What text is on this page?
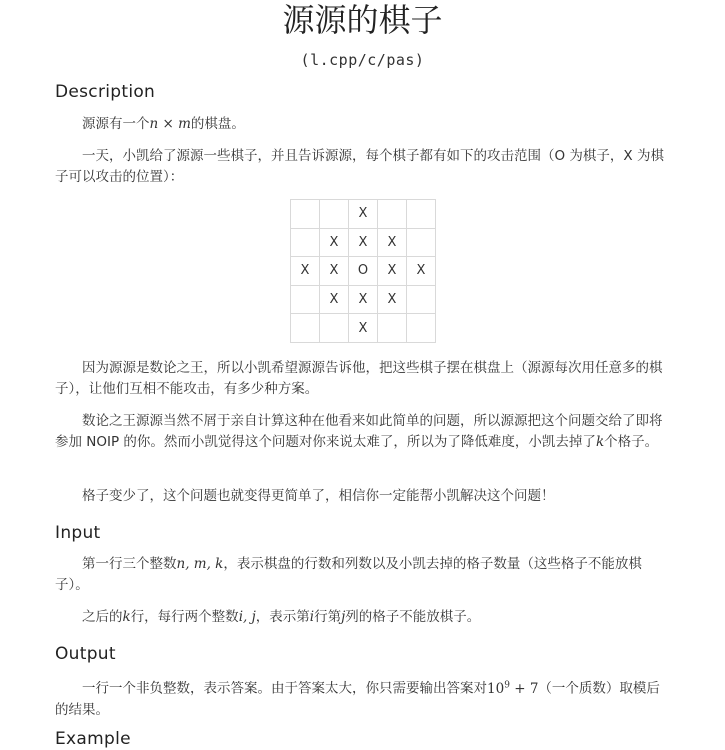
源源的棋子
(l.cpp/c/pas)
Description

源源有一个n × m的棋盘。

一天，小凯给了源源一些棋子，并且告诉源源，每个棋子都有如下的攻击范围（O 为棋子，X 为棋子可以攻击的位置）：

		X		
	X	X	X	
X	X	O	X	X
	X	X	X	
		X		

因为源源是数论之王，所以小凯希望源源告诉他，把这些棋子摆在棋盘上（源源每次用任意多的棋子），让他们互相不能攻击，有多少种方案。

数论之王源源当然不屑于亲自计算这种在他看来如此简单的问题，所以源源把这个问题交给了即将参加 NOIP 的你。然而小凯觉得这个问题对你来说太难了，所以为了降低难度，小凯去掉了k个格子。

格子变少了，这个问题也就变得更简单了，相信你一定能帮小凯解决这个问题！

Input

第一行三个整数n, m, k，表示棋盘的行数和列数以及小凯去掉的格子数量（这些格子不能放棋子）。

之后的k行，每行两个整数i, j，表示第i行第j列的格子不能放棋子。

Output

一行一个非负整数，表示答案。由于答案太大，你只需要输出答案对$10^9 + 7$（一个质数）取模后的结果。

Example
